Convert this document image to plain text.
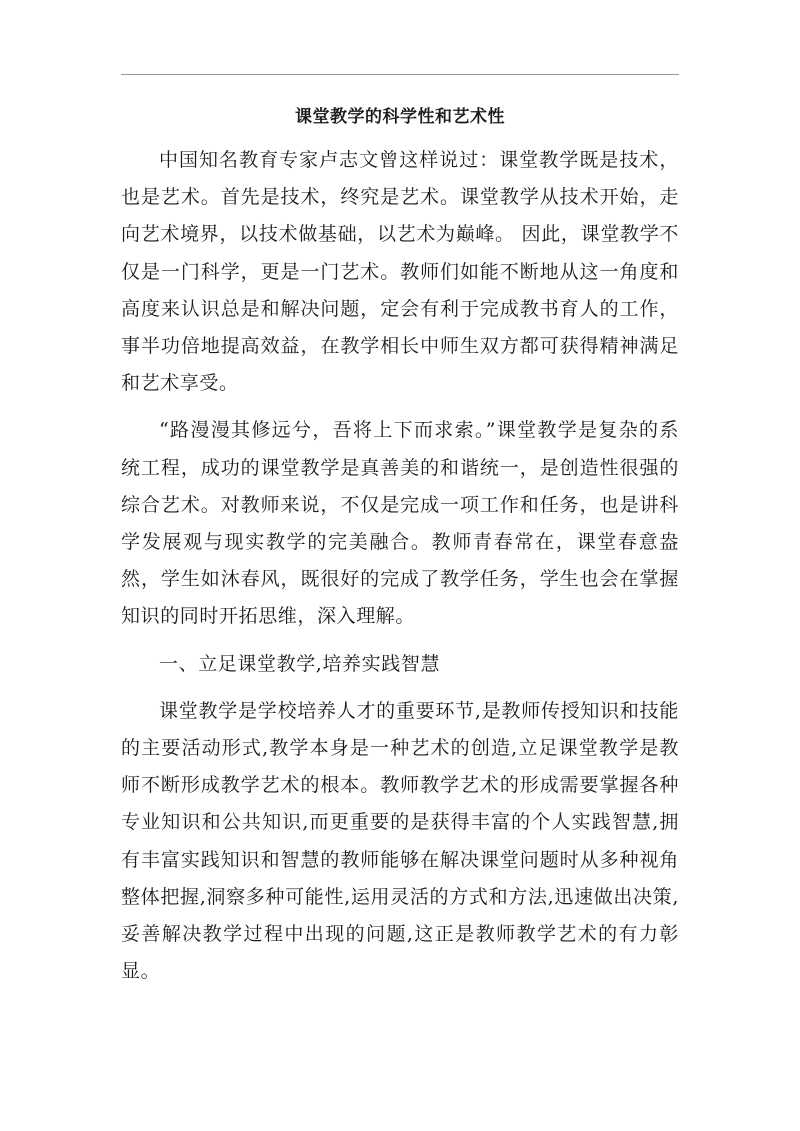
课堂教学的科学性和艺术性

中国知名教育专家卢志文曾这样说过：课堂教学既是技术，也是艺术。首先是技术，终究是艺术。课堂教学从技术开始，走向艺术境界，以技术做基础，以艺术为巅峰。 因此，课堂教学不仅是一门科学，更是一门艺术。教师们如能不断地从这一角度和高度来认识总是和解决问题，定会有利于完成教书育人的工作，事半功倍地提高效益，在教学相长中师生双方都可获得精神满足和艺术享受。

“路漫漫其修远兮，吾将上下而求索。”课堂教学是复杂的系统工程，成功的课堂教学是真善美的和谐统一，是创造性很强的综合艺术。对教师来说，不仅是完成一项工作和任务，也是讲科学发展观与现实教学的完美融合。教师青春常在，课堂春意盎然，学生如沐春风，既很好的完成了教学任务，学生也会在掌握知识的同时开拓思维，深入理解。

一、立足课堂教学,培养实践智慧

课堂教学是学校培养人才的重要环节,是教师传授知识和技能的主要活动形式,教学本身是一种艺术的创造,立足课堂教学是教师不断形成教学艺术的根本。教师教学艺术的形成需要掌握各种专业知识和公共知识,而更重要的是获得丰富的个人实践智慧,拥有丰富实践知识和智慧的教师能够在解决课堂问题时从多种视角整体把握,洞察多种可能性,运用灵活的方式和方法,迅速做出决策,妥善解决教学过程中出现的问题,这正是教师教学艺术的有力彰显。
